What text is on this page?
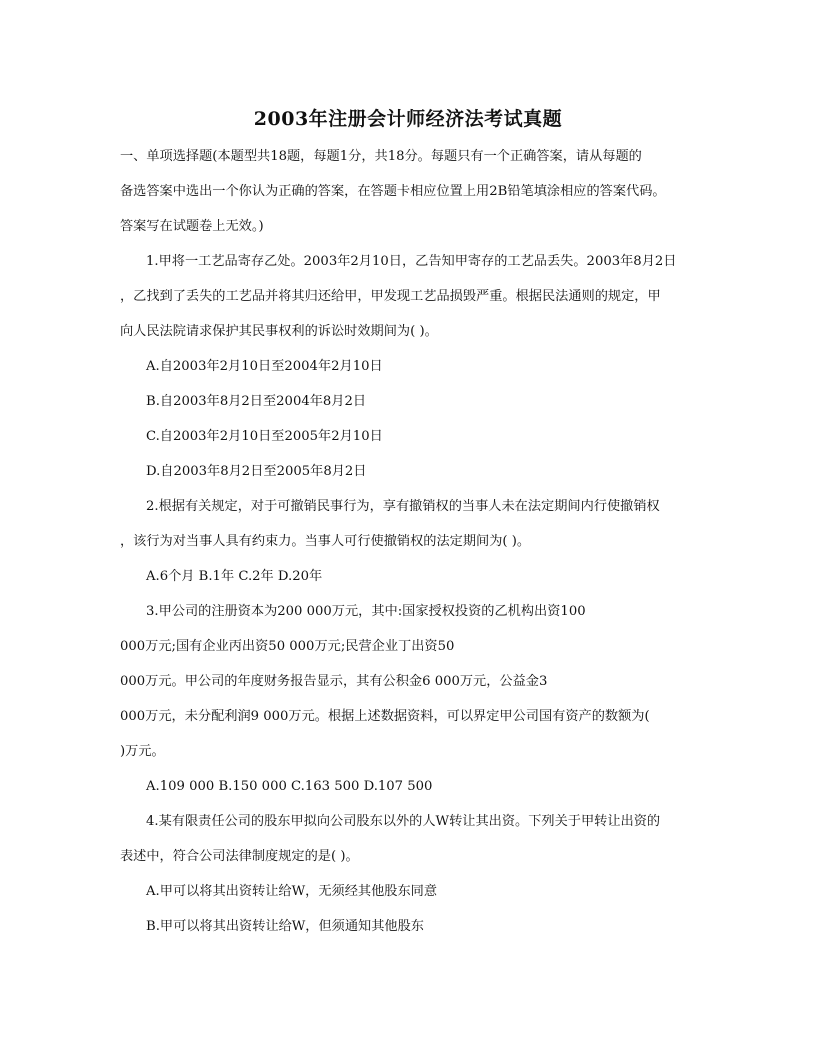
2003年注册会计师经济法考试真题
一、单项选择题(本题型共18题，每题1分，共18分。每题只有一个正确答案，请从每题的
备选答案中选出一个你认为正确的答案，在答题卡相应位置上用2B铅笔填涂相应的答案代码。
答案写在试题卷上无效。)
1.甲将一工艺品寄存乙处。2003年2月10日，乙告知甲寄存的工艺品丢失。2003年8月2日
，乙找到了丢失的工艺品并将其归还给甲，甲发现工艺品损毁严重。根据民法通则的规定，甲
向人民法院请求保护其民事权利的诉讼时效期间为( )。
A.自2003年2月10日至2004年2月10日
B.自2003年8月2日至2004年8月2日
C.自2003年2月10日至2005年2月10日
D.自2003年8月2日至2005年8月2日
2.根据有关规定，对于可撤销民事行为，享有撤销权的当事人未在法定期间内行使撤销权
，该行为对当事人具有约束力。当事人可行使撤销权的法定期间为( )。
A.6个月 B.1年 C.2年 D.20年
3.甲公司的注册资本为200 000万元，其中:国家授权投资的乙机构出资100
000万元;国有企业丙出资50 000万元;民营企业丁出资50
000万元。甲公司的年度财务报告显示，其有公积金6 000万元，公益金3
000万元，未分配利润9 000万元。根据上述数据资料，可以界定甲公司国有资产的数额为(
)万元。
A.109 000 B.150 000 C.163 500 D.107 500
4.某有限责任公司的股东甲拟向公司股东以外的人W转让其出资。下列关于甲转让出资的
表述中，符合公司法律制度规定的是( )。
A.甲可以将其出资转让给W，无须经其他股东同意
B.甲可以将其出资转让给W，但须通知其他股东
